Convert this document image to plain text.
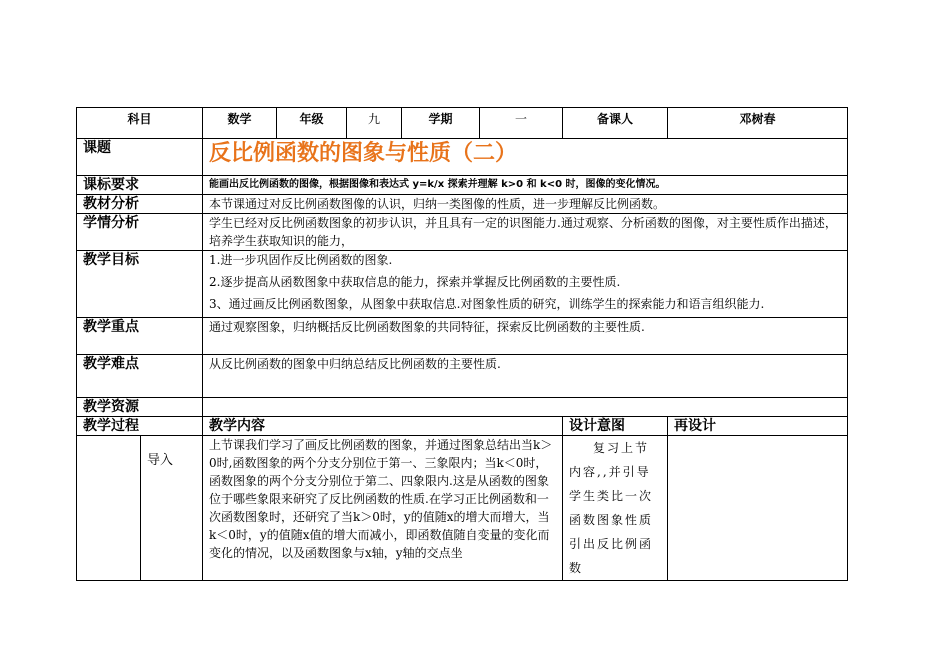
科目		数学	年级	九	学期	一	备课人	邓树春
课题		反比例函数的图象与性质（二）						
课标要求		能画出反比例函数的图像，根据图像和表达式 y=k/x 探索并理解 k>0 和 k<0 时，图像的变化情况。						
教材分析		本节课通过对反比例函数图像的认识，归纳一类图像的性质，进一步理解反比例函数。						
学情分析		学生已经对反比例函数图象的初步认识，并且具有一定的识图能力.通过观察、分析函数的图像，对主要性质作出描述，培养学生获取知识的能力，						
教学目标		1.进一步巩固作反比例函数的图象.

2.逐步提高从函数图象中获取信息的能力，探索并掌握反比例函数的主要性质.

3、通过画反比例函数图象，从图象中获取信息.对图象性质的研究，训练学生的探索能力和语言组织能力.						

教学重点		通过观察图象，归纳概括反比例函数图象的共同特征，探索反比例函数的主要性质.						
教学难点		从反比例函数的图象中归纳总结反比例函数的主要性质.						
教学资源								
教学过程		教学内容					设计意图	再设计
	导入	上节课我们学习了画反比例函数的图象，并通过图象总结出当k＞0时,函数图象的两个分支分别位于第一、三象限内；当k＜0时，函数图象的两个分支分别位于第二、四象限内.这是从函数的图象位于哪些象限来研究了反比例函数的性质.在学习正比例函数和一次函数图象时，还研究了当k＞0时，y的值随x的增大而增大，当k＜0时，y的值随x值的增大而减小，即函数值随自变量的变化而变化的情况，以及函数图象与x轴，y轴的交点坐					复习上节内容,,并引导学生类比一次函数图象性质引出反比例函数	
